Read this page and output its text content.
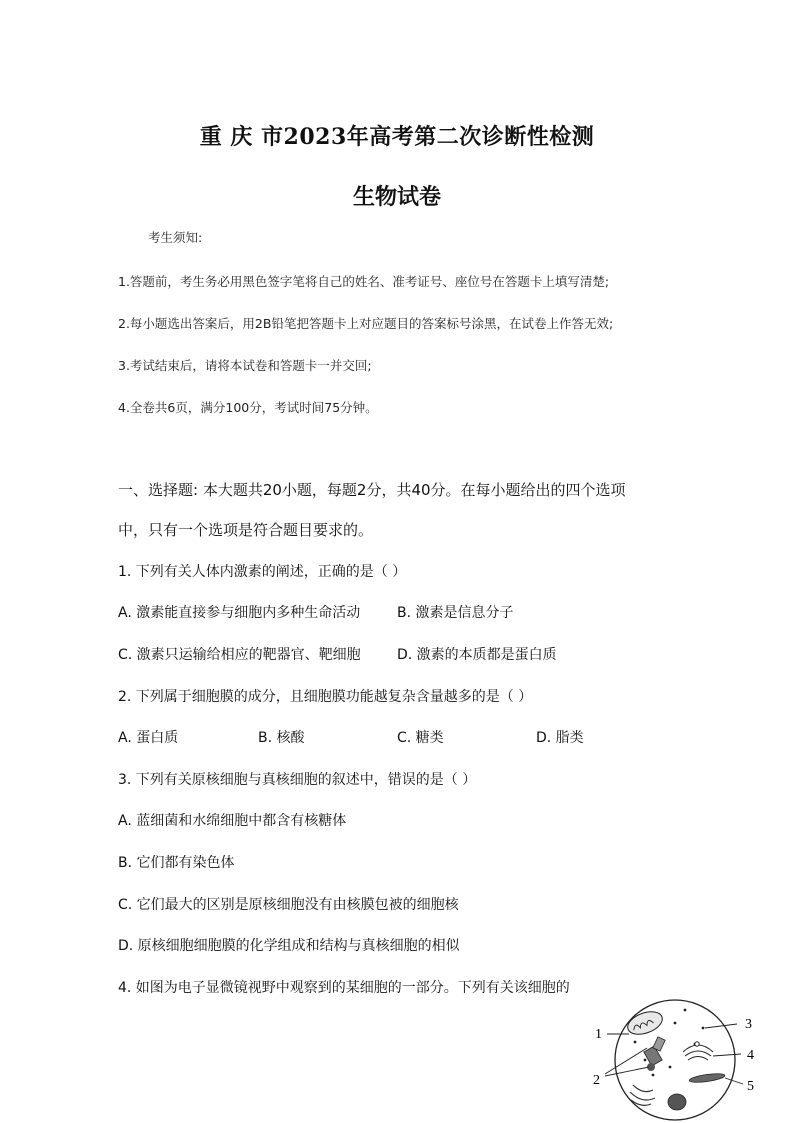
重 庆 市2023年高考第二次诊断性检测
生物试卷
考生须知:
1.答题前，考生务必用黑色签字笔将自己的姓名、准考证号、座位号在答题卡上填写清楚;
2.每小题选出答案后，用2B铅笔把答题卡上对应题目的答案标号涂黑，在试卷上作答无效;
3.考试结束后，请将本试卷和答题卡一并交回;
4.全卷共6页，满分100分，考试时间75分钟。
一、选择题: 本大题共20小题，每题2分，共40分。在每小题给出的四个选项
中，只有一个选项是符合题目要求的。
1. 下列有关人体内激素的阐述，正确的是（ ）
A. 激素能直接参与细胞内多种生命活动	B. 激素是信息分子
C. 激素只运输给相应的靶器官、靶细胞	D. 激素的本质都是蛋白质
2. 下列属于细胞膜的成分，且细胞膜功能越复杂含量越多的是（ ）
A. 蛋白质	B. 核酸	C. 糖类	D. 脂类
3. 下列有关原核细胞与真核细胞的叙述中，错误的是（ ）
A. 蓝细菌和水绵细胞中都含有核糖体
B. 它们都有染色体
C. 它们最大的区别是原核细胞没有由核膜包被的细胞核
D. 原核细胞细胞膜的化学组成和结构与真核细胞的相似
4. 如图为电子显微镜视野中观察到的某细胞的一部分。下列有关该细胞的
1
2
3
4
5
